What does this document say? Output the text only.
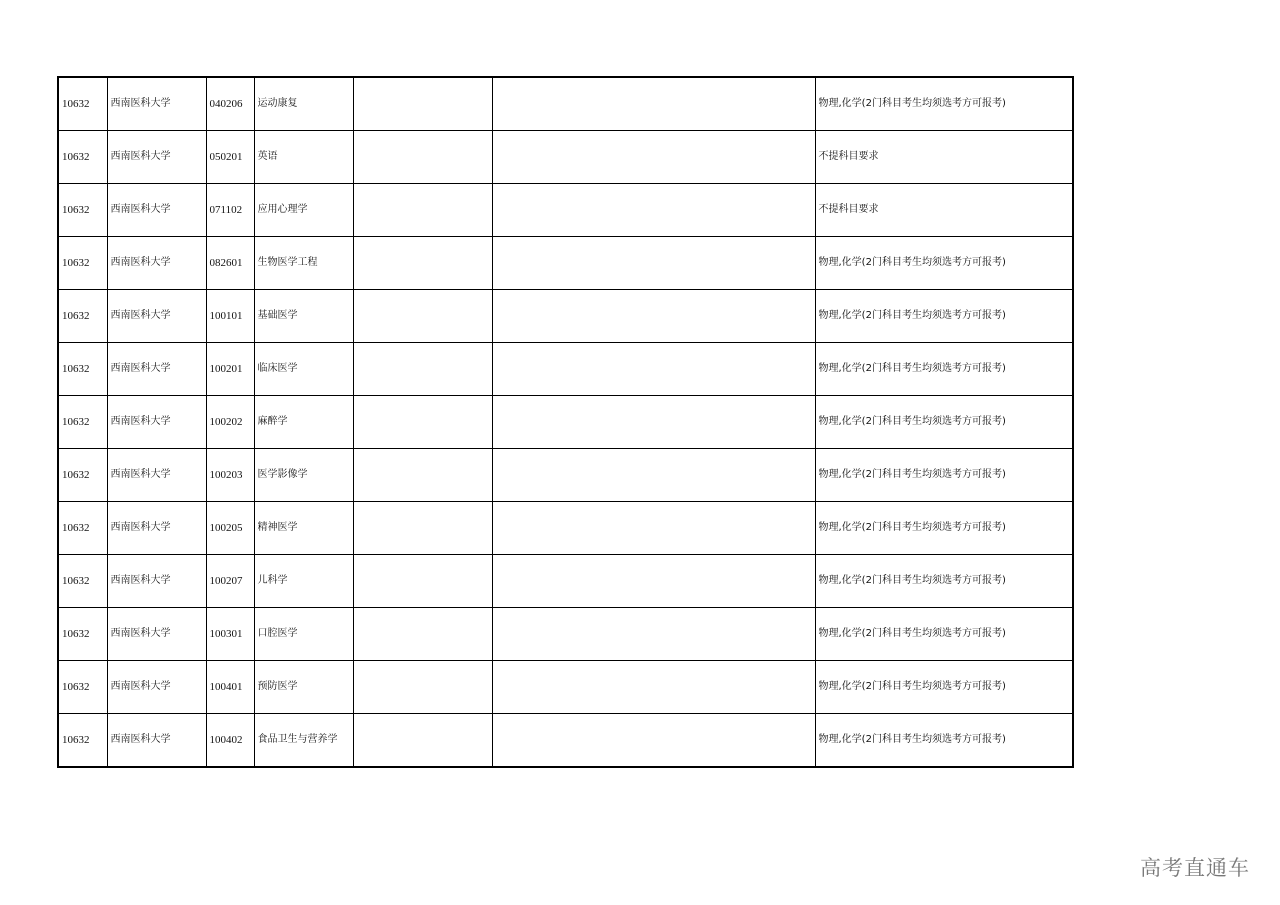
10632	西南医科大学	040206	运动康复			物理,化学(2门科目考生均须选考方可报考)
10632	西南医科大学	050201	英语			不提科目要求
10632	西南医科大学	071102	应用心理学			不提科目要求
10632	西南医科大学	082601	生物医学工程			物理,化学(2门科目考生均须选考方可报考)
10632	西南医科大学	100101	基础医学			物理,化学(2门科目考生均须选考方可报考)
10632	西南医科大学	100201	临床医学			物理,化学(2门科目考生均须选考方可报考)
10632	西南医科大学	100202	麻醉学			物理,化学(2门科目考生均须选考方可报考)
10632	西南医科大学	100203	医学影像学			物理,化学(2门科目考生均须选考方可报考)
10632	西南医科大学	100205	精神医学			物理,化学(2门科目考生均须选考方可报考)
10632	西南医科大学	100207	儿科学			物理,化学(2门科目考生均须选考方可报考)
10632	西南医科大学	100301	口腔医学			物理,化学(2门科目考生均须选考方可报考)
10632	西南医科大学	100401	预防医学			物理,化学(2门科目考生均须选考方可报考)
10632	西南医科大学	100402	食品卫生与营养学			物理,化学(2门科目考生均须选考方可报考)
高考直通车
